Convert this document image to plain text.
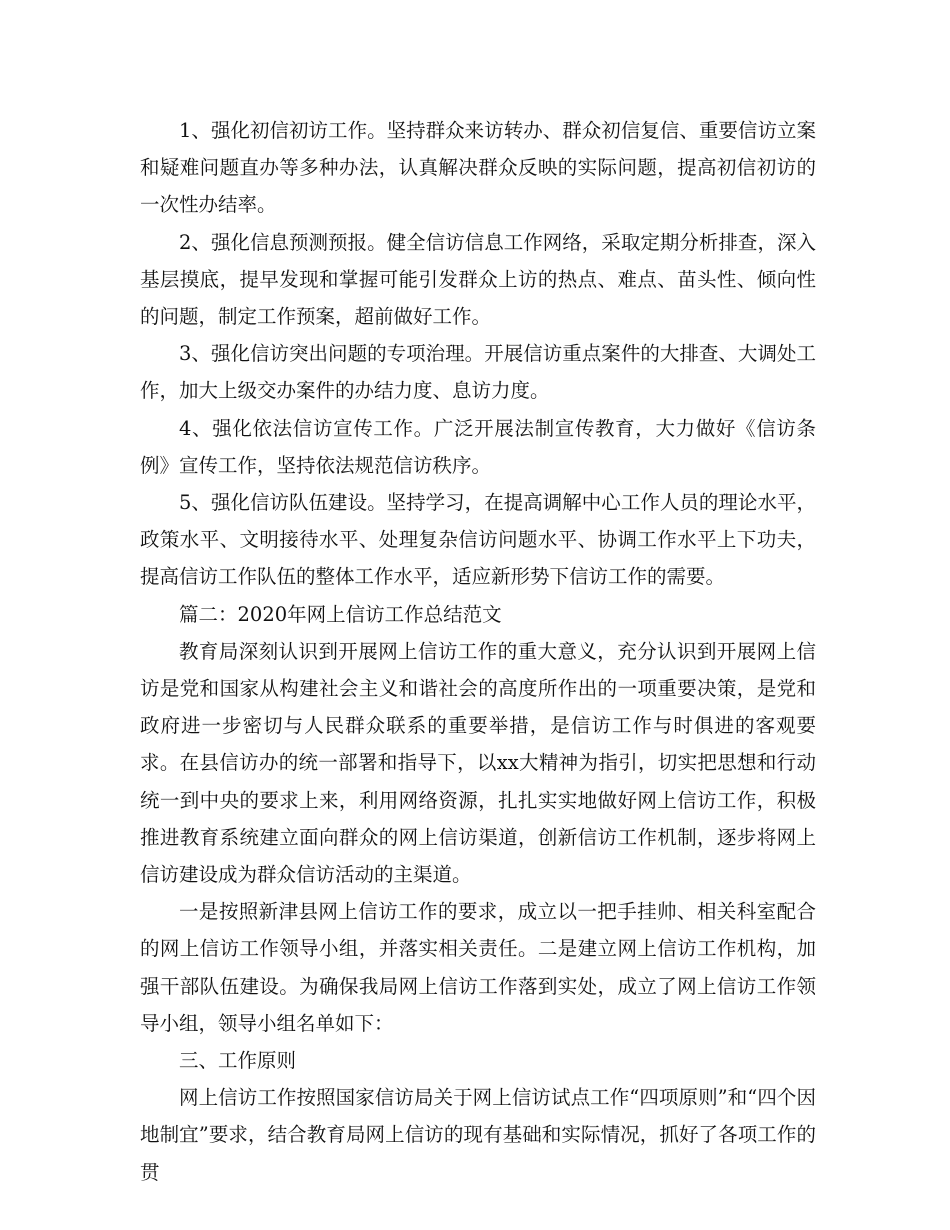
1、强化初信初访工作。坚持群众来访转办、群众初信复信、重要信访立案和疑难问题直办等多种办法，认真解决群众反映的实际问题，提高初信初访的一次性办结率。

2、强化信息预测预报。健全信访信息工作网络，采取定期分析排查，深入基层摸底，提早发现和掌握可能引发群众上访的热点、难点、苗头性、倾向性的问题，制定工作预案，超前做好工作。

3、强化信访突出问题的专项治理。开展信访重点案件的大排查、大调处工作，加大上级交办案件的办结力度、息访力度。

4、强化依法信访宣传工作。广泛开展法制宣传教育，大力做好《信访条例》宣传工作，坚持依法规范信访秩序。

5、强化信访队伍建设。坚持学习，在提高调解中心工作人员的理论水平，政策水平、文明接待水平、处理复杂信访问题水平、协调工作水平上下功夫，提高信访工作队伍的整体工作水平，适应新形势下信访工作的需要。

篇二：2020年网上信访工作总结范文

教育局深刻认识到开展网上信访工作的重大意义，充分认识到开展网上信访是党和国家从构建社会主义和谐社会的高度所作出的一项重要决策，是党和政府进一步密切与人民群众联系的重要举措，是信访工作与时俱进的客观要求。在县信访办的统一部署和指导下，以xx大精神为指引，切实把思想和行动统一到中央的要求上来，利用网络资源，扎扎实实地做好网上信访工作，积极推进教育系统建立面向群众的网上信访渠道，创新信访工作机制，逐步将网上信访建设成为群众信访活动的主渠道。

一是按照新津县网上信访工作的要求，成立以一把手挂帅、相关科室配合的网上信访工作领导小组，并落实相关责任。二是建立网上信访工作机构，加强干部队伍建设。为确保我局网上信访工作落到实处，成立了网上信访工作领导小组，领导小组名单如下：

三、工作原则

网上信访工作按照国家信访局关于网上信访试点工作“四项原则”和“四个因地制宜”要求，结合教育局网上信访的现有基础和实际情况，抓好了各项工作的贯
